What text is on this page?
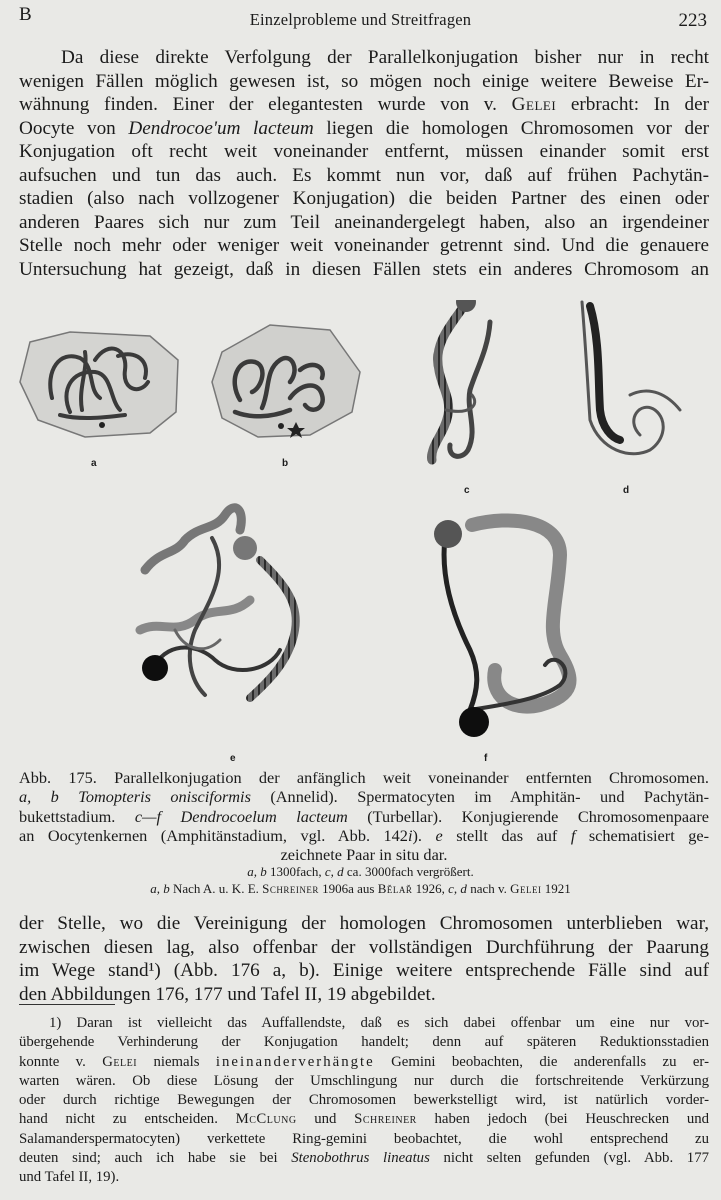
B	Einzelprobleme und Streitfragen	223
Da diese direkte Verfolgung der Parallelkonjugation bisher nur in recht
wenigen Fällen möglich gewesen ist, so mögen noch einige weitere Beweise Er-
wähnung finden. Einer der elegantesten wurde von v. Gelei erbracht: In der
Oocyte von Dendrocoe'um lacteum liegen die homologen Chromosomen vor der
Konjugation oft recht weit voneinander entfernt, müssen einander somit erst
aufsuchen und tun das auch. Es kommt nun vor, daß auf frühen Pachytän-
stadien (also nach vollzogener Konjugation) die beiden Partner des einen oder
anderen Paares sich nur zum Teil aneinandergelegt haben, also an irgendeiner
Stelle noch mehr oder weniger weit voneinander getrennt sind. Und die genauere
Untersuchung hat gezeigt, daß in diesen Fällen stets ein anderes Chromosom an
a	b
c	d
e	f
Abb. 175. Parallelkonjugation der anfänglich weit voneinander entfernten Chromosomen.
a, b Tomopteris onisciformis (Annelid). Spermatocyten im Amphitän- und Pachytän-
bukettstadium. c—f Dendrocoelum lacteum (Turbellar). Konjugierende Chromosomenpaare
an Oocytenkernen (Amphitänstadium, vgl. Abb. 142i). e stellt das auf f schematisiert ge-
zeichnete Paar in situ dar.
a, b 1300fach, c, d ca. 3000fach vergrößert.
a, b Nach A. u. K. E. Schreiner 1906a aus Bělař 1926, c, d nach v. Gelei 1921
der Stelle, wo die Vereinigung der homologen Chromosomen unterblieben war,
zwischen diesen lag, also offenbar der vollständigen Durchführung der Paarung
im Wege stand¹) (Abb. 176 a, b). Einige weitere entsprechende Fälle sind auf
den Abbildungen 176, 177 und Tafel II, 19 abgebildet.
1) Daran ist vielleicht das Auffallendste, daß es sich dabei offenbar um eine nur vor-
übergehende Verhinderung der Konjugation handelt; denn auf späteren Reduktionsstadien
konnte v. Gelei niemals ineinanderverhängte Gemini beobachten, die anderenfalls zu er-
warten wären. Ob diese Lösung der Umschlingung nur durch die fortschreitende Verkürzung
oder durch richtige Bewegungen der Chromosomen bewerkstelligt wird, ist natürlich vorder-
hand nicht zu entscheiden. McClung und Schreiner haben jedoch (bei Heuschrecken und
Salamanderspermatocyten) verkettete Ring-gemini beobachtet, die wohl entsprechend zu
deuten sind; auch ich habe sie bei Stenobothrus lineatus nicht selten gefunden (vgl. Abb. 177
und Tafel II, 19).
